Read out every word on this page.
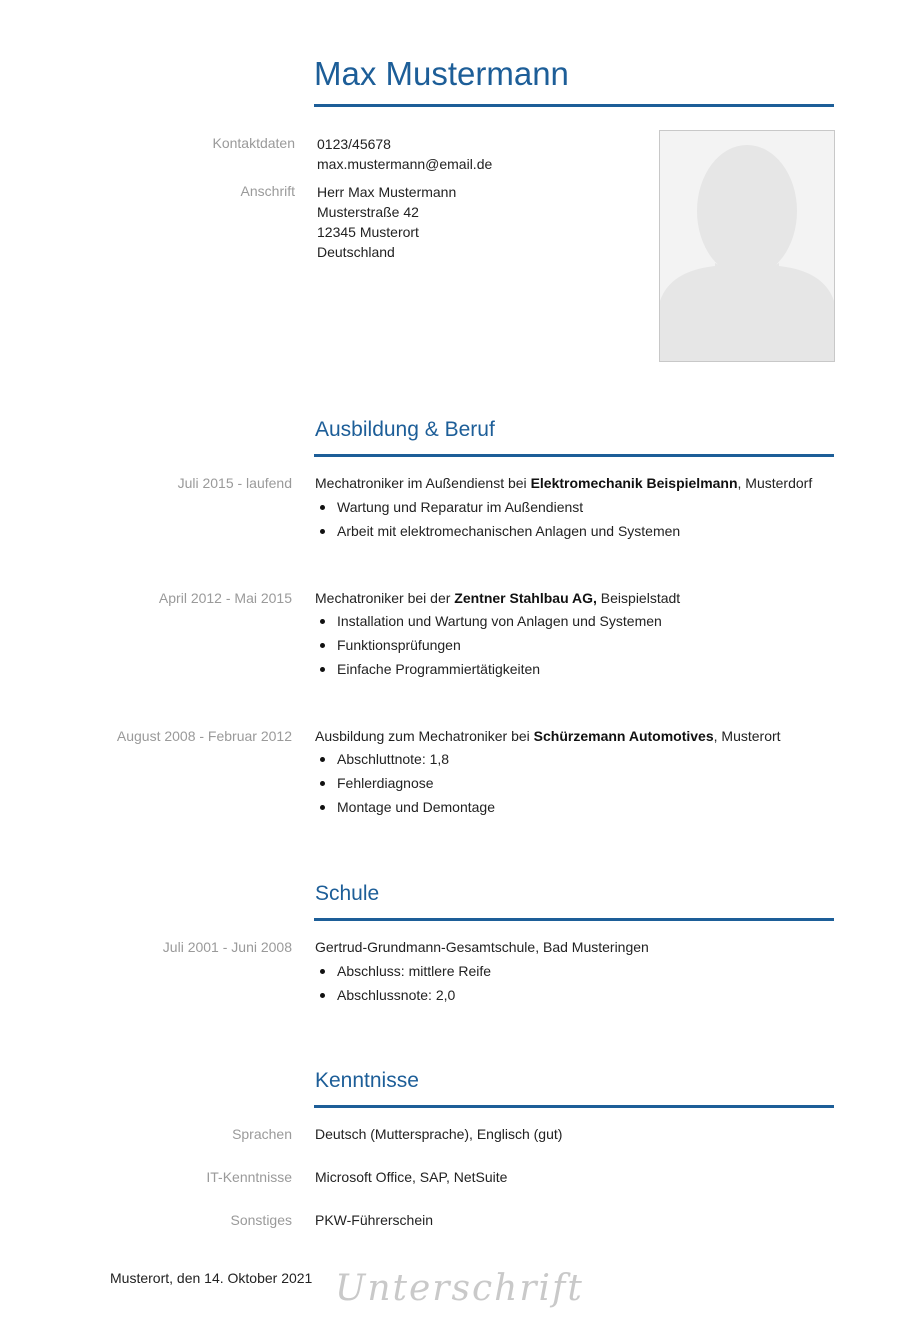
Max Mustermann
Kontaktdaten 0123/45678
max.mustermann@email.de
Anschrift Herr Max Mustermann
Musterstraße 42
12345 Musterort
Deutschland
Ausbildung & Beruf
Juli 2015 - laufend Mechatroniker im Außendienst bei Elektromechanik Beispielmann, Musterdorf
Wartung und Reparatur im Außendienst
Arbeit mit elektromechanischen Anlagen und Systemen
April 2012 - Mai 2015 Mechatroniker bei der Zentner Stahlbau AG, Beispielstadt
Installation und Wartung von Anlagen und Systemen
Funktionsprüfungen
Einfache Programmiertätigkeiten
August 2008 - Februar 2012 Ausbildung zum Mechatroniker bei Schürzemann Automotives, Musterort
Abschluttnote: 1,8
Fehlerdiagnose
Montage und Demontage
Schule
Juli 2001 - Juni 2008 Gertrud-Grundmann-Gesamtschule, Bad Musteringen
Abschluss: mittlere Reife
Abschlussnote: 2,0
Kenntnisse
Sprachen Deutsch (Muttersprache), Englisch (gut)
IT-Kenntnisse Microsoft Office, SAP, NetSuite
Sonstiges PKW-Führerschein
Musterort, den 14. Oktober 2021 Unterschrift
